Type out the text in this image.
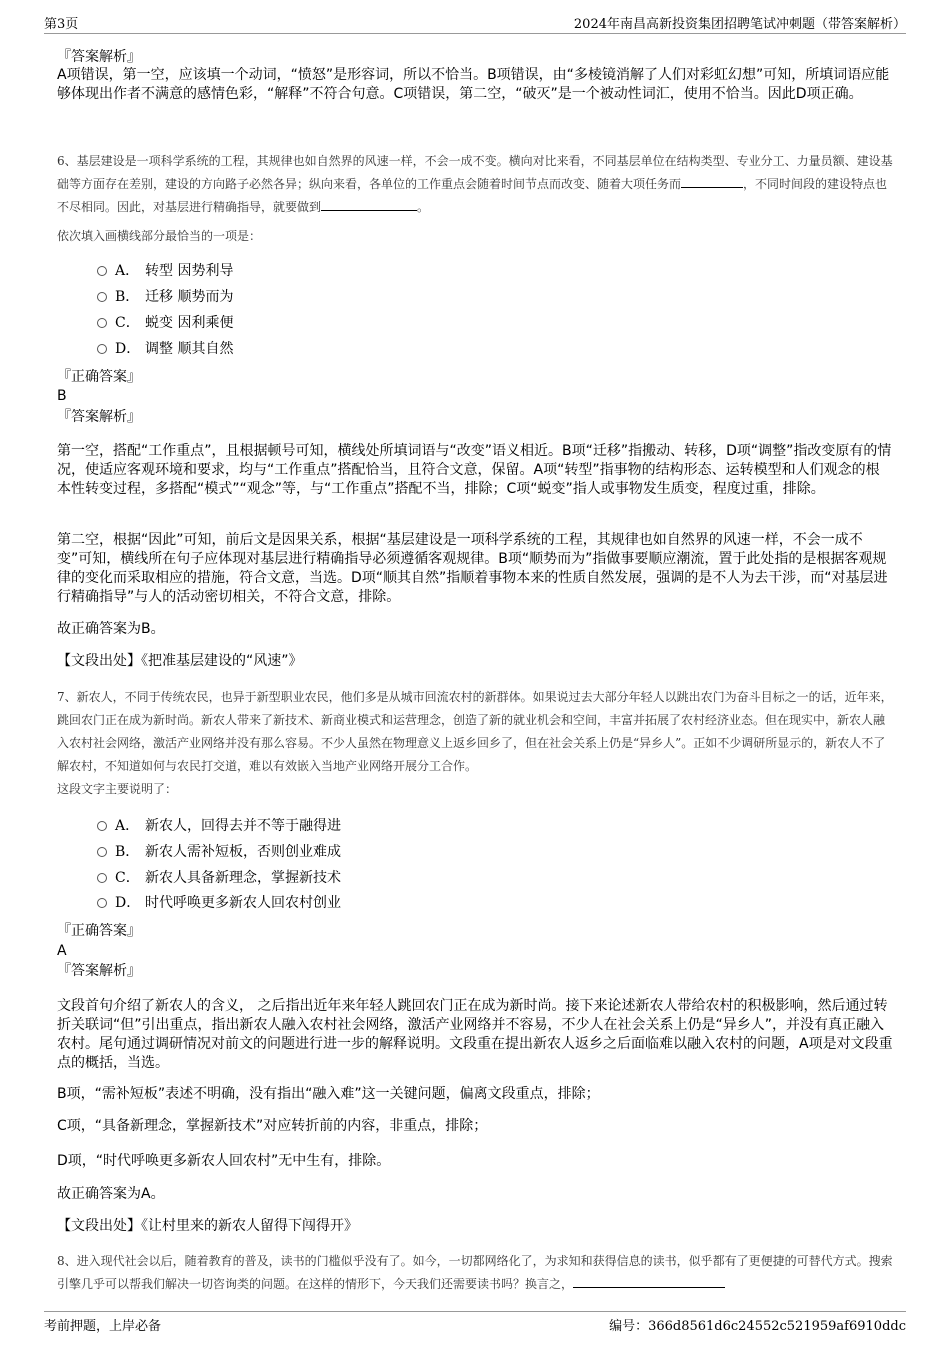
第3页	2024年南昌高新投资集团招聘笔试冲刺题（带答案解析）
『答案解析』
A项错误，第一空，应该填一个动词，“愤怒”是形容词，所以不恰当。B项错误，由“多棱镜消解了人们对彩虹幻想”可知，所填词语应能够体现出作者不满意的感情色彩，“解释”不符合句意。C项错误，第二空，“破灭”是一个被动性词汇，使用不恰当。因此D项正确。
6、基层建设是一项科学系统的工程，其规律也如自然界的风速一样，不会一成不变。横向对比来看，不同基层单位在结构类型、专业分工、力量员额、建设基础等方面存在差别，建设的方向路子必然各异；纵向来看，各单位的工作重点会随着时间节点而改变、随着大项任务而	，不同时间段的建设特点也不尽相同。因此，对基层进行精确指导，就要做到	。
依次填入画横线部分最恰当的一项是：
A． 转型 因势利导
B． 迁移 顺势而为
C． 蜕变 因利乘便
D． 调整 顺其自然
『正确答案』
B
『答案解析』
第一空，搭配“工作重点”，且根据顿号可知，横线处所填词语与“改变”语义相近。B项“迁移”指搬动、转移，D项“调整”指改变原有的情况，使适应客观环境和要求，均与“工作重点”搭配恰当，且符合文意，保留。A项“转型”指事物的结构形态、运转模型和人们观念的根本性转变过程，多搭配“模式”“观念”等，与“工作重点”搭配不当，排除；C项“蜕变”指人或事物发生质变，程度过重，排除。
第二空，根据“因此”可知，前后文是因果关系，根据“基层建设是一项科学系统的工程，其规律也如自然界的风速一样，不会一成不变”可知，横线所在句子应体现对基层进行精确指导必须遵循客观规律。B项“顺势而为”指做事要顺应潮流，置于此处指的是根据客观规律的变化而采取相应的措施，符合文意，当选。D项“顺其自然”指顺着事物本来的性质自然发展，强调的是不人为去干涉，而“对基层进行精确指导”与人的活动密切相关，不符合文意，排除。
故正确答案为B。
【文段出处】《把准基层建设的“风速”》
7、新农人，不同于传统农民，也异于新型职业农民，他们多是从城市回流农村的新群体。如果说过去大部分年轻人以跳出农门为奋斗目标之一的话，近年来，跳回农门正在成为新时尚。新农人带来了新技术、新商业模式和运营理念，创造了新的就业机会和空间，丰富并拓展了农村经济业态。但在现实中，新农人融入农村社会网络，激活产业网络并没有那么容易。不少人虽然在物理意义上返乡回乡了，但在社会关系上仍是“异乡人”。正如不少调研所显示的，新农人不了解农村，不知道如何与农民打交道，难以有效嵌入当地产业网络开展分工合作。
这段文字主要说明了：
A． 新农人，回得去并不等于融得进
B． 新农人需补短板，否则创业难成
C． 新农人具备新理念，掌握新技术
D． 时代呼唤更多新农人回农村创业
『正确答案』
A
『答案解析』
文段首句介绍了新农人的含义， 之后指出近年来年轻人跳回农门正在成为新时尚。接下来论述新农人带给农村的积极影响，然后通过转折关联词“但”引出重点，指出新农人融入农村社会网络，激活产业网络并不容易，不少人在社会关系上仍是“异乡人”，并没有真正融入农村。尾句通过调研情况对前文的问题进行进一步的解释说明。文段重在提出新农人返乡之后面临难以融入农村的问题，A项是对文段重点的概括，当选。
B项，“需补短板”表述不明确，没有指出“融入难”这一关键问题，偏离文段重点，排除；
C项，“具备新理念，掌握新技术”对应转折前的内容，非重点，排除；
D项，“时代呼唤更多新农人回农村”无中生有，排除。
故正确答案为A。
【文段出处】《让村里来的新农人留得下闯得开》
8、进入现代社会以后，随着教育的普及，读书的门槛似乎没有了。如今，一切都网络化了，为求知和获得信息的读书，似乎都有了更便捷的可替代方式。搜索引擎几乎可以帮我们解决一切咨询类的问题。在这样的情形下，今天我们还需要读书吗？换言之，
考前押题，上岸必备	编号：366d8561d6c24552c521959af6910ddc
